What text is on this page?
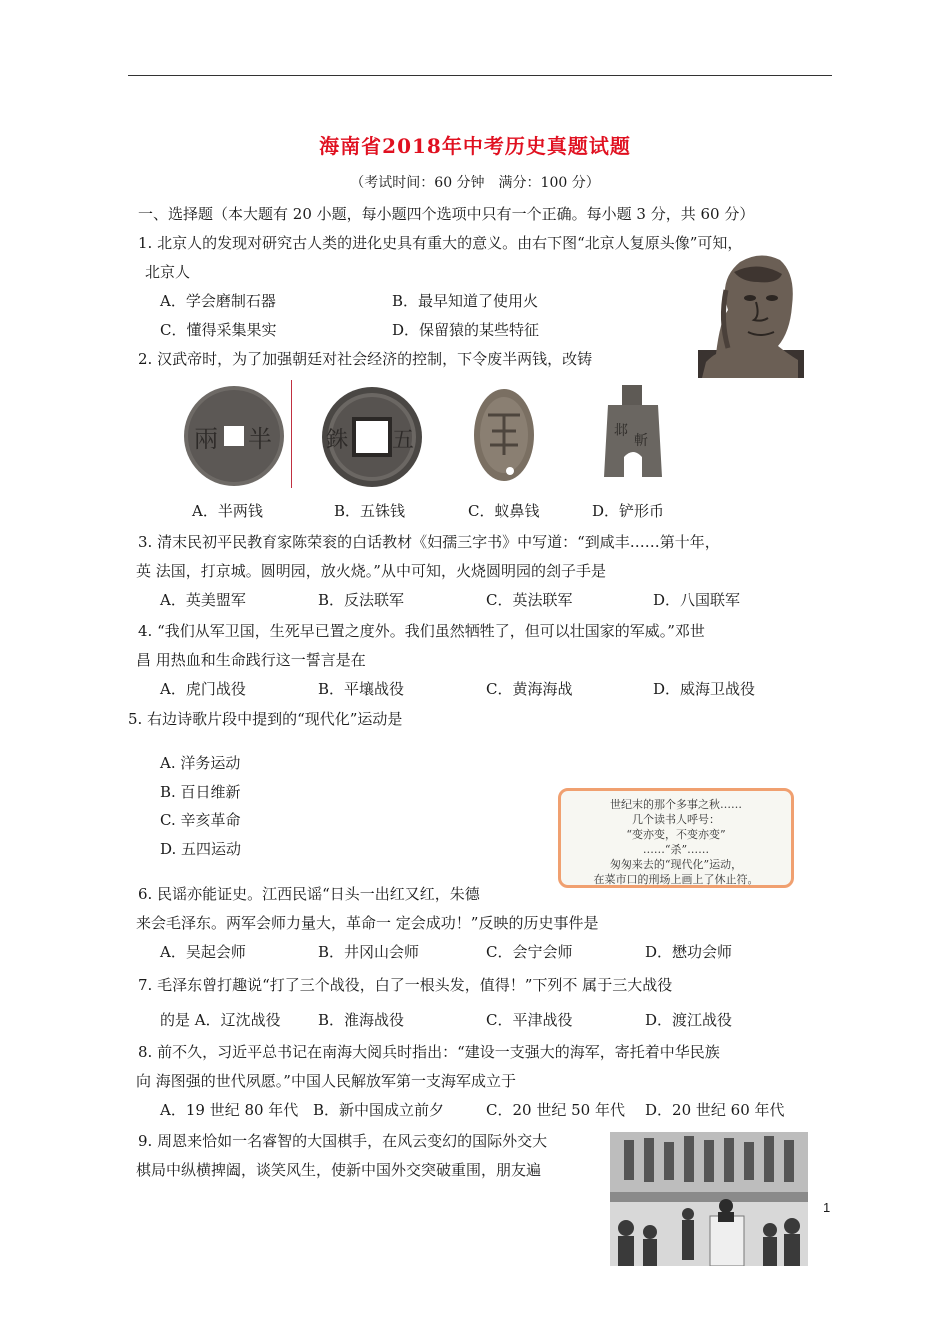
海南省2018年中考历史真题试题
（考试时间：60 分钟　满分：100 分）
一、选择题（本大题有 20 小题，每小题四个选项中只有一个正确。每小题 3 分，共 60 分）
1. 北京人的发现对研究古人类的进化史具有重大的意义。由右下图“北京人复原头像”可知，
北京人
A．学会磨制石器	B．最早知道了使用火
C．懂得采集果实	D．保留猿的某些特征
2. 汉武帝时，为了加强朝廷对社会经济的控制，下令废半两钱，改铸
兩 半 銖 五	邶
斬
A．半两钱	B．五铢钱	C．蚁鼻钱	D．铲形币
3. 清末民初平民教育家陈荣衮的白话教材《妇孺三字书》中写道：“到咸丰……第十年，
英 法国，打京城。圆明园，放火烧。”从中可知，火烧圆明园的刽子手是
A．英美盟军	B．反法联军	C．英法联军	D．八国联军
4. “我们从军卫国，生死早已置之度外。我们虽然牺牲了，但可以壮国家的军威。”邓世
昌 用热血和生命践行这一誓言是在
A．虎门战役	B．平壤战役	C．黄海海战	D．威海卫战役
5. 右边诗歌片段中提到的“现代化”运动是
A. 洋务运动
B. 百日维新
C. 辛亥革命
D. 五四运动
世纪末的那个多事之秋……
几个读书人呼号：
“变亦变，不变亦变”
……“杀”……
匆匆来去的“现代化”运动，
在菜市口的刑场上画上了休止符。
6. 民谣亦能证史。江西民谣“日头一出红又红，朱德
来会毛泽东。两军会师力量大，革命一 定会成功！”反映的历史事件是
A．吴起会师	B．井冈山会师	C．会宁会师	D．懋功会师
7. 毛泽东曾打趣说“打了三个战役，白了一根头发，值得！”下列不 属于三大战役
的是 A．辽沈战役 B．淮海战役	C．平津战役	D．渡江战役
8. 前不久，习近平总书记在南海大阅兵时指出：“建设一支强大的海军，寄托着中华民族
向 海图强的世代夙愿。”中国人民解放军第一支海军成立于
A．19 世纪 80 年代 B．新中国成立前夕	C．20 世纪 50 年代 D．20 世纪 60 年代
9. 周恩来恰如一名睿智的大国棋手，在风云变幻的国际外交大
棋局中纵横捭阖，谈笑风生，使新中国外交突破重围，朋友遍
1
